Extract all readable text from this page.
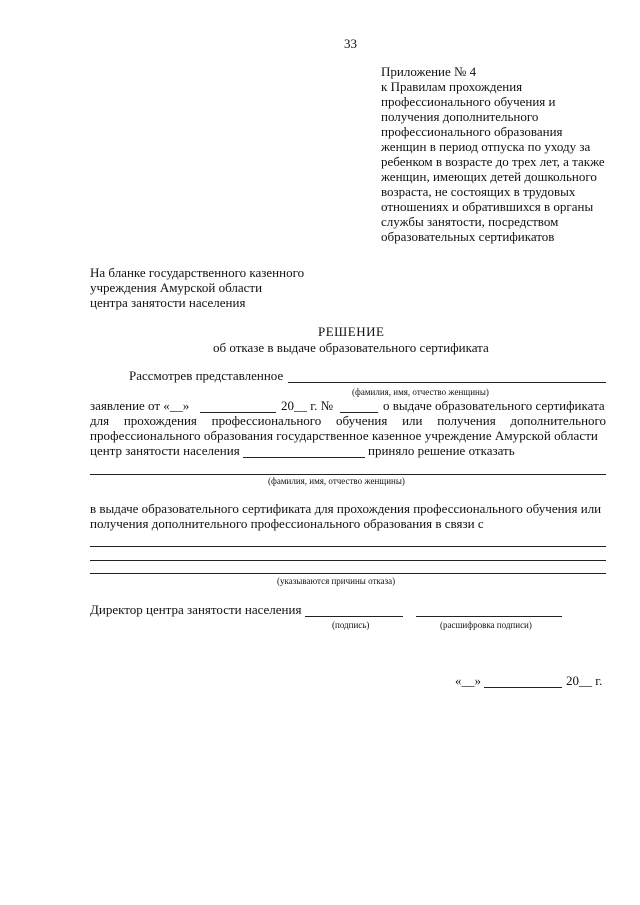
33
Приложение № 4
к Правилам прохождения
профессионального обучения и
получения дополнительного
профессионального образования
женщин в период отпуска по уходу за
ребенком в возрасте до трех лет, а также
женщин, имеющих детей дошкольного
возраста, не состоящих в трудовых
отношениях и обратившихся в органы
службы занятости, посредством
образовательных сертификатов
На бланке государственного казенного
учреждения Амурской области
центра занятости населения
РЕШЕНИЕ
об отказе в выдаче образовательного сертификата
Рассмотрев представленное
(фамилия, имя, отчество женщины)
заявление от «__»	20__ г. №	о выдаче образовательного сертификата
для прохождения профессионального обучения или получения дополнительного
профессионального образования государственное казенное учреждение Амурской области
центр занятости населения	приняло решение отказать
(фамилия, имя, отчество женщины)
в выдаче образовательного сертификата для прохождения профессионального обучения или
получения дополнительного профессионального образования в связи с
(указываются причины отказа)
Директор центра занятости населения
(подпись)	(расшифровка подписи)
«__»	20__ г.
